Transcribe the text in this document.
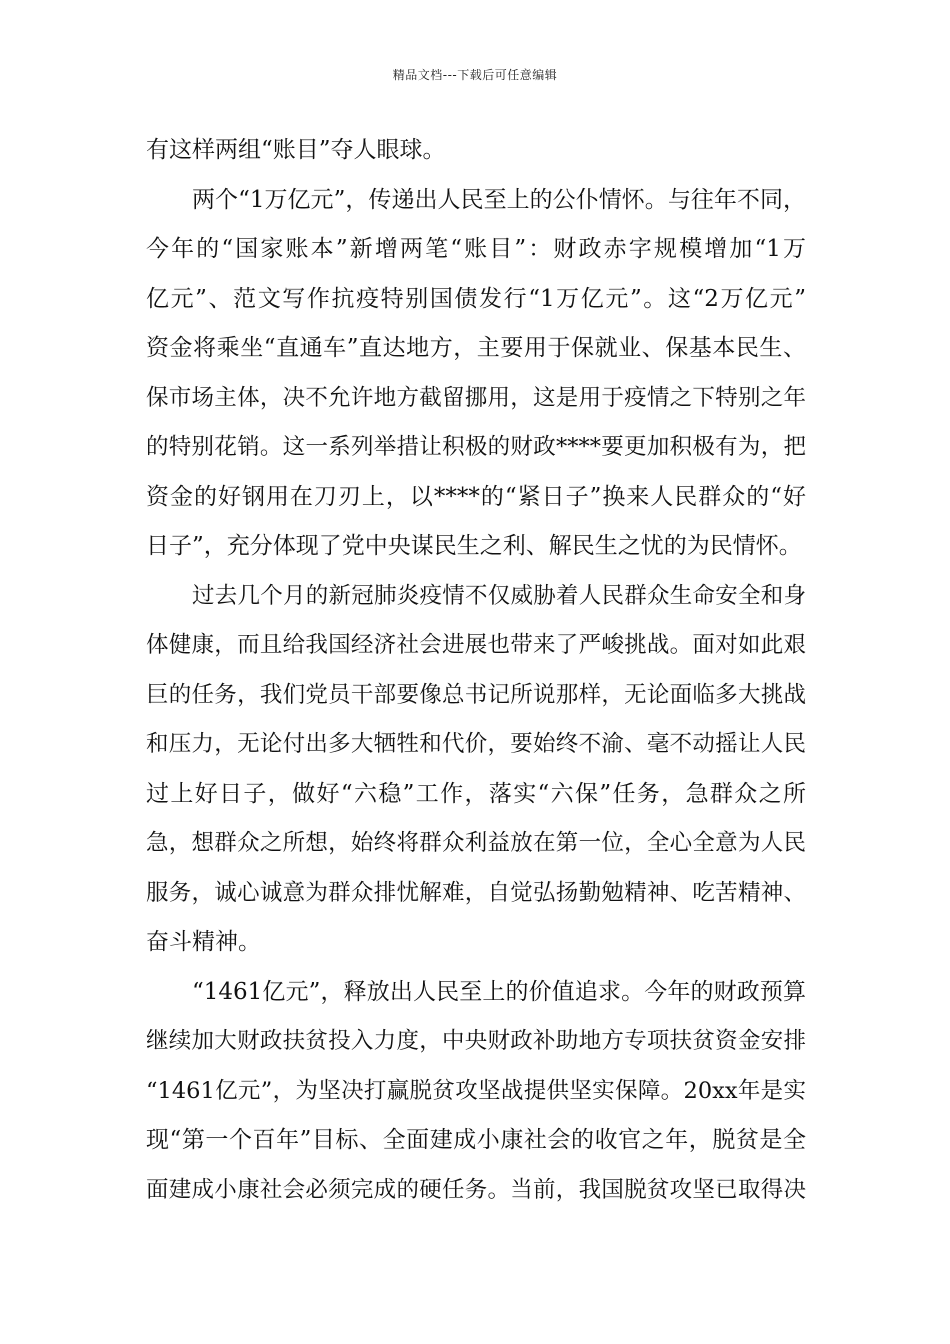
精品文档---下载后可任意编辑
有这样两组“账目”夺人眼球。
两个“1万亿元”，传递出人民至上的公仆情怀。与往年不同，
今年的“国家账本”新增两笔“账目”：财政赤字规模增加“1万
亿元”、范文写作抗疫特别国债发行“1万亿元”。这“2万亿元”
资金将乘坐“直通车”直达地方，主要用于保就业、保基本民生、
保市场主体，决不允许地方截留挪用，这是用于疫情之下特别之年
的特别花销。这一系列举措让积极的财政****要更加积极有为，把
资金的好钢用在刀刃上，以****的“紧日子”换来人民群众的“好
日子”，充分体现了党中央谋民生之利、解民生之忧的为民情怀。
过去几个月的新冠肺炎疫情不仅威胁着人民群众生命安全和身
体健康，而且给我国经济社会进展也带来了严峻挑战。面对如此艰
巨的任务，我们党员干部要像总书记所说那样，无论面临多大挑战
和压力，无论付出多大牺牲和代价，要始终不渝、毫不动摇让人民
过上好日子，做好“六稳”工作，落实“六保”任务，急群众之所
急，想群众之所想，始终将群众利益放在第一位，全心全意为人民
服务，诚心诚意为群众排忧解难，自觉弘扬勤勉精神、吃苦精神、
奋斗精神。
“1461亿元”，释放出人民至上的价值追求。今年的财政预算
继续加大财政扶贫投入力度，中央财政补助地方专项扶贫资金安排
“1461亿元”，为坚决打赢脱贫攻坚战提供坚实保障。20xx年是实
现“第一个百年”目标、全面建成小康社会的收官之年，脱贫是全
面建成小康社会必须完成的硬任务。当前，我国脱贫攻坚已取得决
